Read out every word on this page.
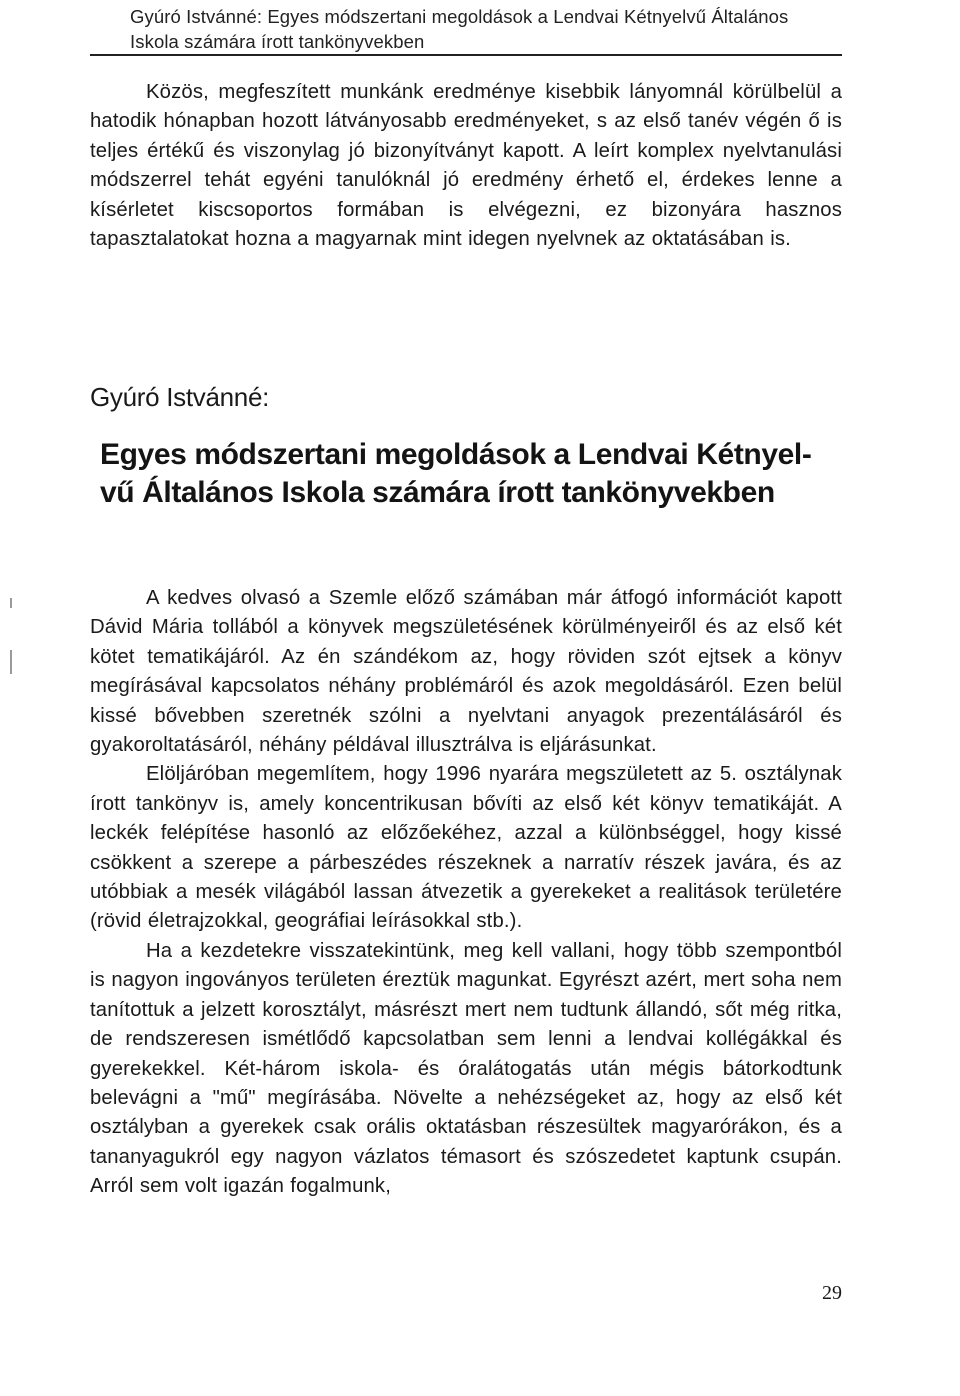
Gyúró Istvánné: Egyes módszertani megoldások a Lendvai Kétnyelvű Általános
Iskola számára írott tankönyvekben

Közös, megfeszített munkánk eredménye kisebbik lányomnál körülbelül a hatodik hónapban hozott látványosabb eredményeket, s az első tanév végén ő is teljes értékű és viszonylag jó bizonyítványt kapott. A leírt komplex nyelvtanulási módszerrel tehát egyéni tanulóknál jó eredmény érhető el, érdekes lenne a kísérletet kiscsoportos formában is elvégezni, ez bizonyára hasznos tapasztalatokat hozna a magyarnak mint idegen nyelvnek az oktatásában is.

Gyúró Istvánné:
Egyes módszertani megoldások a Lendvai Kétnyel-
vű Általános Iskola számára írott tankönyvekben

A kedves olvasó a Szemle előző számában már átfogó információt kapott Dávid Mária tollából a könyvek megszületésének körülményeiről és az első két kötet tematikájáról. Az én szándékom az, hogy röviden szót ejtsek a könyv megírásával kapcsolatos néhány problémáról és azok megoldásáról. Ezen belül kissé bővebben szeretnék szólni a nyelvtani anyagok prezentálásáról és gyakoroltatásáról, néhány példával illusztrálva is eljárásunkat.

Elöljáróban megemlítem, hogy 1996 nyarára megszületett az 5. osztálynak írott tankönyv is, amely koncentrikusan bővíti az első két könyv tematikáját. A leckék felépítése hasonló az előzőekéhez, azzal a különbséggel, hogy kissé csökkent a szerepe a párbeszédes részeknek a narratív részek javára, és az utóbbiak a mesék világából lassan átvezetik a gyerekeket a realitások területére (rövid életrajzokkal, geográfiai leírásokkal stb.).

Ha a kezdetekre visszatekintünk, meg kell vallani, hogy több szempontból is nagyon ingoványos területen éreztük magunkat. Egyrészt azért, mert soha nem tanítottuk a jelzett korosztályt, másrészt mert nem tudtunk állandó, sőt még ritka, de rendszeresen ismétlődő kapcsolatban sem lenni a lendvai kollégákkal és gyerekekkel. Két-három iskola- és óralátogatás után mégis bátorkodtunk belevágni a "mű" megírásába. Növelte a nehézségeket az, hogy az első két osztályban a gyerekek csak orális oktatásban részesültek magyarórákon, és a tananyagukról egy nagyon vázlatos témasort és szószedetet kaptunk csupán. Arról sem volt igazán fogalmunk,

29
